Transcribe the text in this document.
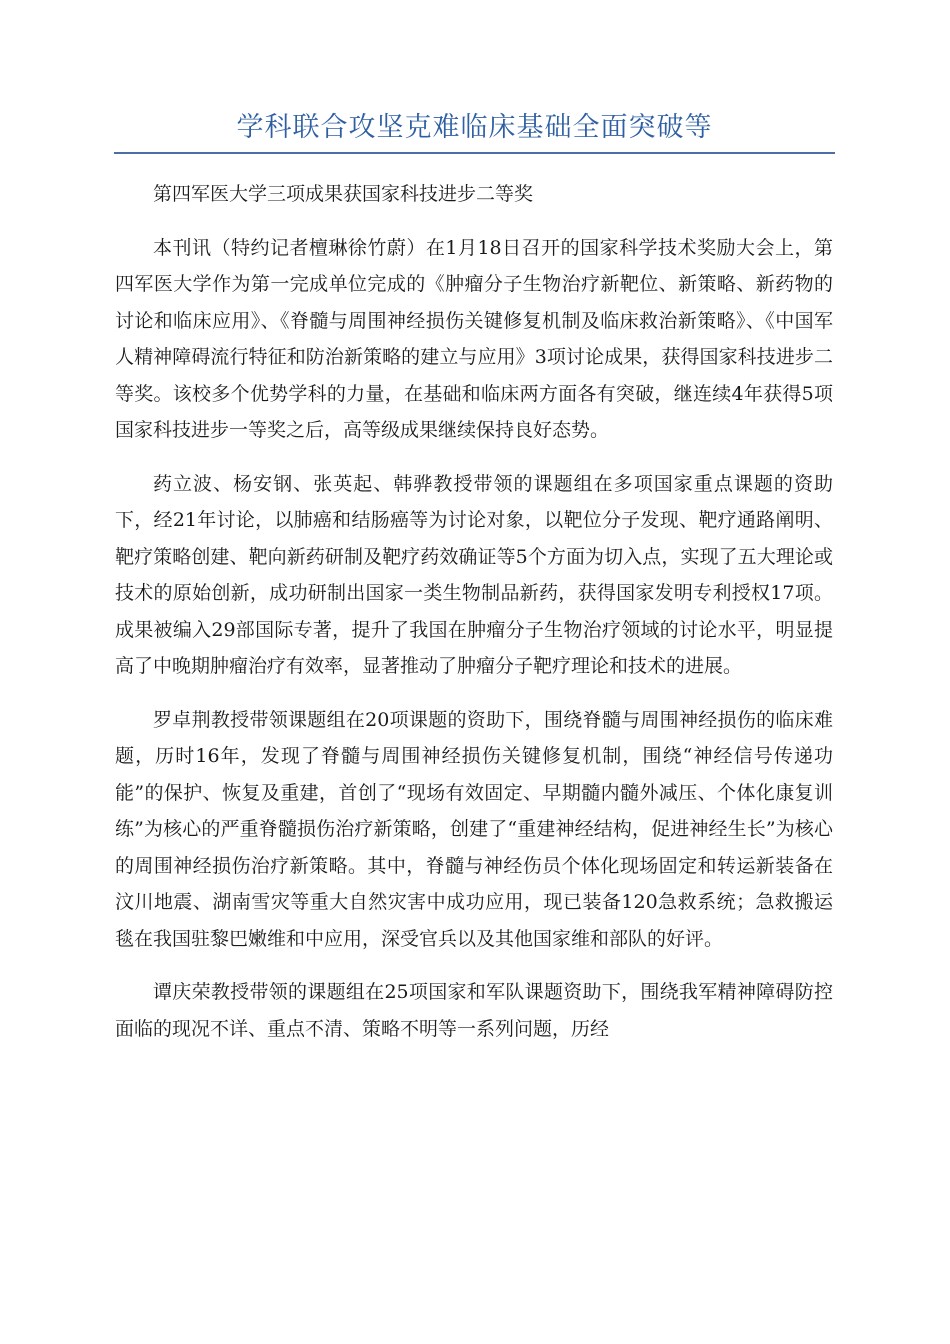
学科联合攻坚克难临床基础全面突破等

第四军医大学三项成果获国家科技进步二等奖

本刊讯（特约记者檀琳徐竹蔚）在1月18日召开的国家科学技术奖励大会上，第四军医大学作为第一完成单位完成的《肿瘤分子生物治疗新靶位、新策略、新药物的讨论和临床应用》、《脊髓与周围神经损伤关键修复机制及临床救治新策略》、《中国军人精神障碍流行特征和防治新策略的建立与应用》3项讨论成果，获得国家科技进步二等奖。该校多个优势学科的力量，在基础和临床两方面各有突破，继连续4年获得5项国家科技进步一等奖之后，高等级成果继续保持良好态势。

药立波、杨安钢、张英起、韩骅教授带领的课题组在多项国家重点课题的资助下，经21年讨论，以肺癌和结肠癌等为讨论对象，以靶位分子发现、靶疗通路阐明、靶疗策略创建、靶向新药研制及靶疗药效确证等5个方面为切入点，实现了五大理论或技术的原始创新，成功研制出国家一类生物制品新药，获得国家发明专利授权17项。成果被编入29部国际专著，提升了我国在肿瘤分子生物治疗领域的讨论水平，明显提高了中晚期肿瘤治疗有效率，显著推动了肿瘤分子靶疗理论和技术的进展。

罗卓荆教授带领课题组在20项课题的资助下，围绕脊髓与周围神经损伤的临床难题，历时16年，发现了脊髓与周围神经损伤关键修复机制，围绕“神经信号传递功能”的保护、恢复及重建，首创了“现场有效固定、早期髓内髓外减压、个体化康复训练”为核心的严重脊髓损伤治疗新策略，创建了“重建神经结构，促进神经生长”为核心的周围神经损伤治疗新策略。其中，脊髓与神经伤员个体化现场固定和转运新装备在汶川地震、湖南雪灾等重大自然灾害中成功应用，现已装备120急救系统；急救搬运毯在我国驻黎巴嫩维和中应用，深受官兵以及其他国家维和部队的好评。

谭庆荣教授带领的课题组在25项国家和军队课题资助下，围绕我军精神障碍防控面临的现况不详、重点不清、策略不明等一系列问题，历经
